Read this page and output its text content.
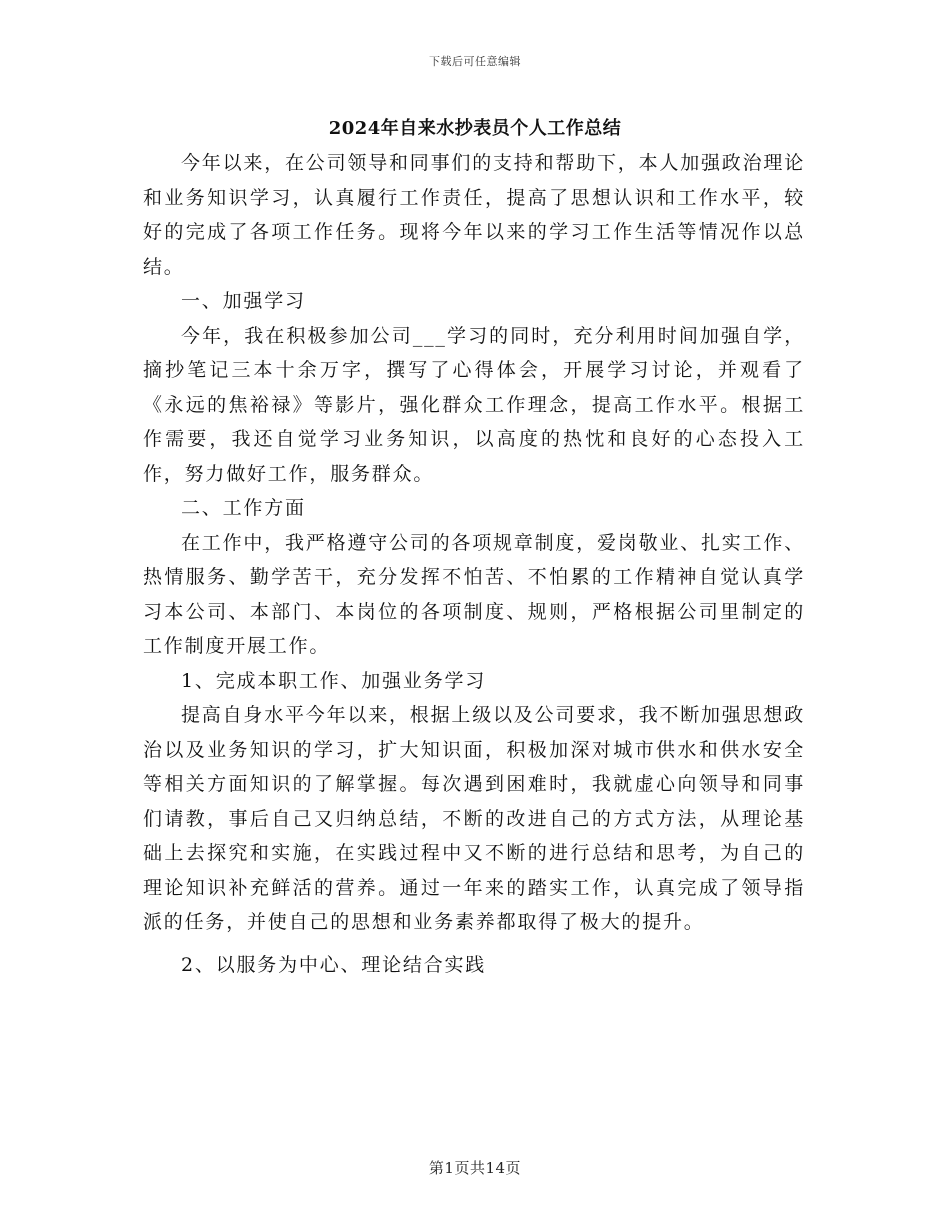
下载后可任意编辑
2024年自来水抄表员个人工作总结

今年以来，在公司领导和同事们的支持和帮助下，本人加强政治理论和业务知识学习，认真履行工作责任，提高了思想认识和工作水平，较好的完成了各项工作任务。现将今年以来的学习工作生活等情况作以总结。

一、加强学习

今年，我在积极参加公司___学习的同时，充分利用时间加强自学，摘抄笔记三本十余万字，撰写了心得体会，开展学习讨论，并观看了《永远的焦裕禄》等影片，强化群众工作理念，提高工作水平。根据工作需要，我还自觉学习业务知识，以高度的热忱和良好的心态投入工作，努力做好工作，服务群众。

二、工作方面

在工作中，我严格遵守公司的各项规章制度，爱岗敬业、扎实工作、热情服务、勤学苦干，充分发挥不怕苦、不怕累的工作精神自觉认真学习本公司、本部门、本岗位的各项制度、规则，严格根据公司里制定的工作制度开展工作。

1、完成本职工作、加强业务学习

提高自身水平今年以来，根据上级以及公司要求，我不断加强思想政治以及业务知识的学习，扩大知识面，积极加深对城市供水和供水安全等相关方面知识的了解掌握。每次遇到困难时，我就虚心向领导和同事们请教，事后自己又归纳总结，不断的改进自己的方式方法，从理论基础上去探究和实施，在实践过程中又不断的进行总结和思考，为自己的理论知识补充鲜活的营养。通过一年来的踏实工作，认真完成了领导指派的任务，并使自己的思想和业务素养都取得了极大的提升。

2、以服务为中心、理论结合实践

第1页共14页
